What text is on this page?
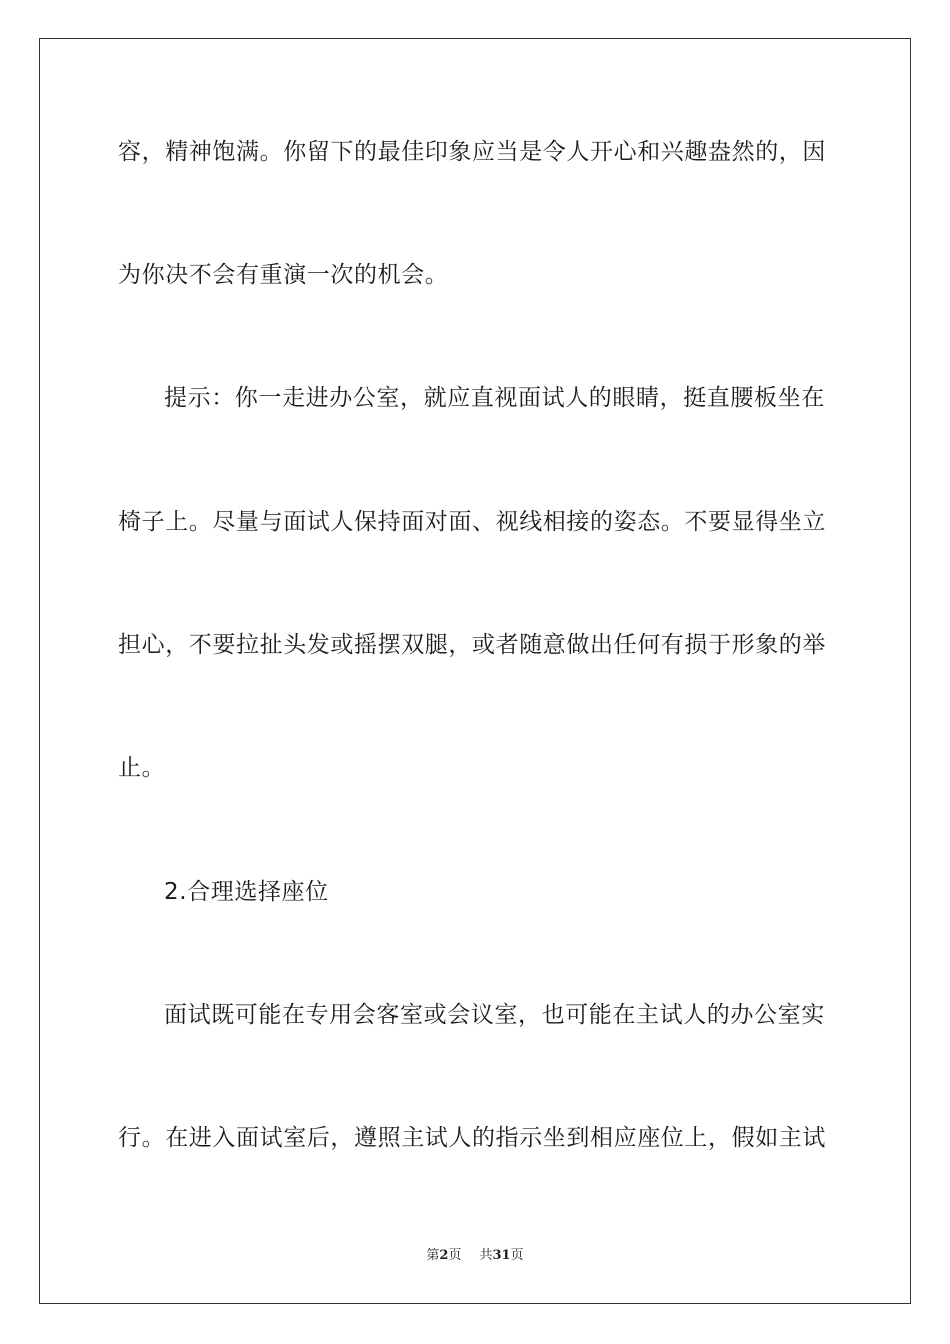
容，精神饱满。你留下的最佳印象应当是令人开心和兴趣盎然的，因

为你决不会有重演一次的机会。

提示：你一走进办公室，就应直视面试人的眼睛，挺直腰板坐在

椅子上。尽量与面试人保持面对面、视线相接的姿态。不要显得坐立

担心，不要拉扯头发或摇摆双腿，或者随意做出任何有损于形象的举

止。

2.合理选择座位

面试既可能在专用会客室或会议室，也可能在主试人的办公室实

行。在进入面试室后，遵照主试人的指示坐到相应座位上，假如主试

第2页 共31页
